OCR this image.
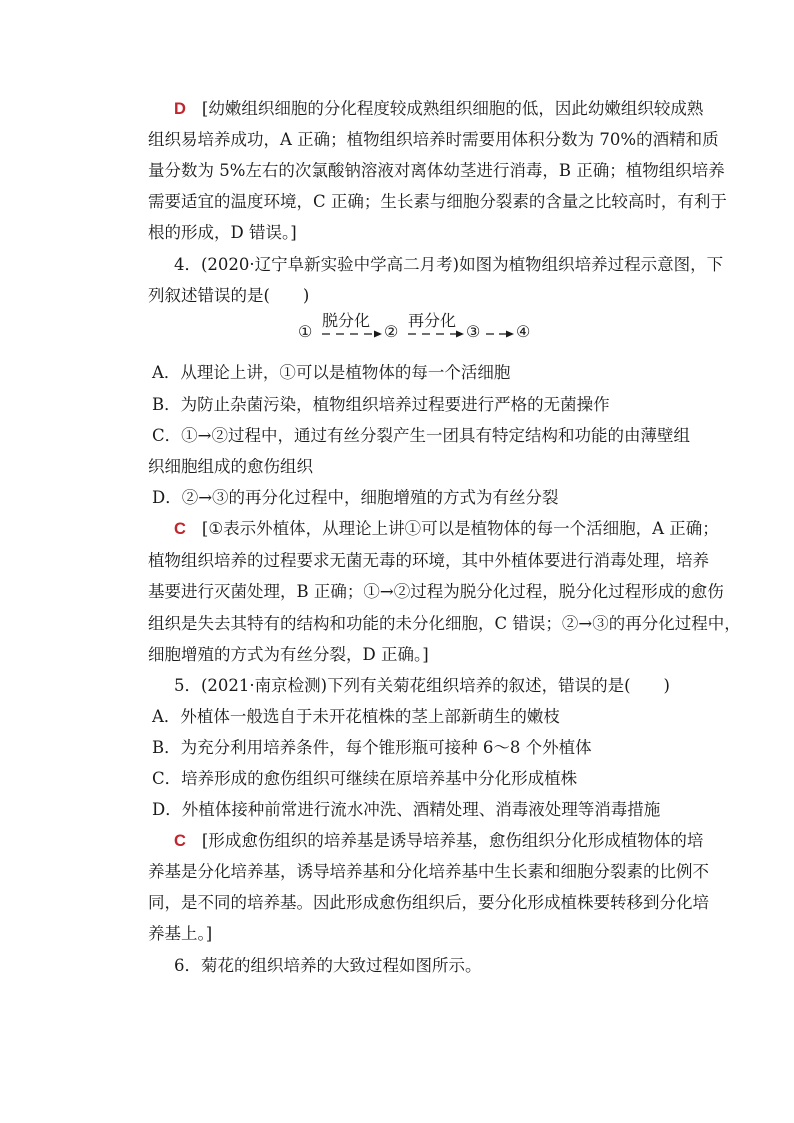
D [幼嫩组织细胞的分化程度较成熟组织细胞的低，因此幼嫩组织较成熟
组织易培养成功，A 正确；植物组织培养时需要用体积分数为 70%的酒精和质
量分数为 5%左右的次氯酸钠溶液对离体幼茎进行消毒，B 正确；植物组织培养
需要适宜的温度环境，C 正确；生长素与细胞分裂素的含量之比较高时，有利于
根的形成，D 错误。]
4．(2020·辽宁阜新实验中学高二月考)如图为植物组织培养过程示意图，下
列叙述错误的是(　　)
①
脱分化
②
再分化
③ ④
A．从理论上讲，①可以是植物体的每一个活细胞
B．为防止杂菌污染，植物组织培养过程要进行严格的无菌操作
C．①→②过程中，通过有丝分裂产生一团具有特定结构和功能的由薄壁组
织细胞组成的愈伤组织
D．②→③的再分化过程中，细胞增殖的方式为有丝分裂
C [①表示外植体，从理论上讲①可以是植物体的每一个活细胞，A 正确；
植物组织培养的过程要求无菌无毒的环境，其中外植体要进行消毒处理，培养
基要进行灭菌处理，B 正确；①→②过程为脱分化过程，脱分化过程形成的愈伤
组织是失去其特有的结构和功能的未分化细胞，C 错误；②→③的再分化过程中，
细胞增殖的方式为有丝分裂，D 正确。]
5．(2021·南京检测)下列有关菊花组织培养的叙述，错误的是(　　)
A．外植体一般选自于未开花植株的茎上部新萌生的嫩枝
B．为充分利用培养条件，每个锥形瓶可接种 6～8 个外植体
C．培养形成的愈伤组织可继续在原培养基中分化形成植株
D．外植体接种前常进行流水冲洗、酒精处理、消毒液处理等消毒措施
C [形成愈伤组织的培养基是诱导培养基，愈伤组织分化形成植物体的培
养基是分化培养基，诱导培养基和分化培养基中生长素和细胞分裂素的比例不
同，是不同的培养基。因此形成愈伤组织后，要分化形成植株要转移到分化培
养基上。]
6．菊花的组织培养的大致过程如图所示。
